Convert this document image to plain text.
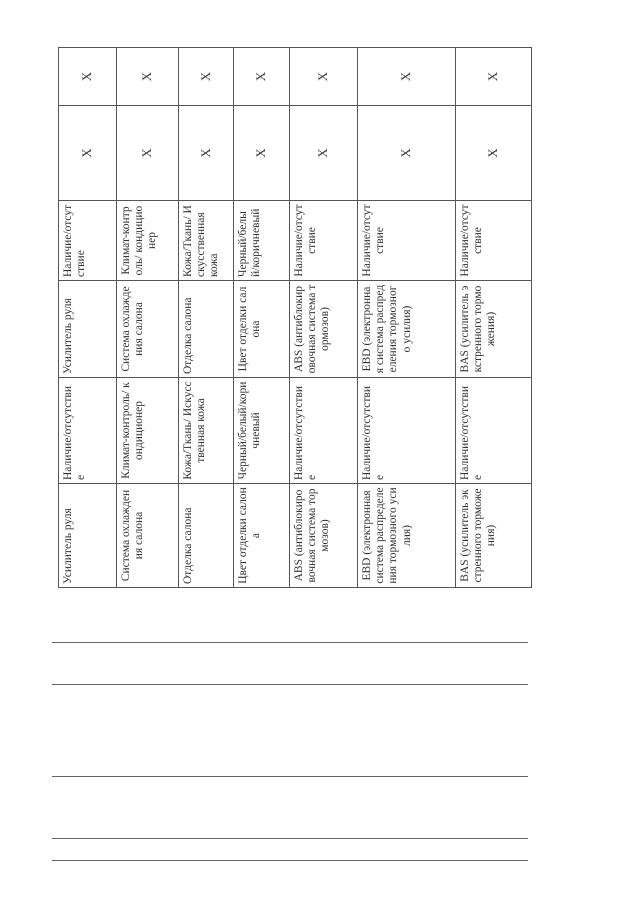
Усилитель руля	Наличие/отсутствие	Усилитель руля	Наличие/отсутствие	X	X
Система охлаждения салона	Климат-контроль/ кондиционер	Система охлаждения салона	Климат-контроль/ кондиционер	X	X
Отделка салона	Кожа/Ткань/ Искусственная кожа	Отделка салона	Кожа/Ткань/ Искусственная кожа	X	X
Цвет отделки салона	Черный/белый/коричневый	Цвет отделки салона	Черный/белый/коричневый	X	X
ABS (антиблокировочная система тормозов)	Наличие/отсутствие	ABS (антиблокировочная система тормозов)	Наличие/отсутствие	X	X
EBD (электронная система распределения тормозного усилия)	Наличие/отсутствие	EBD (электронная система распределения тормозного усилия)	Наличие/отсутствие	X	X
BAS (усилитель экстренного торможения)	Наличие/отсутствие	BAS (усилитель экстренного торможения)	Наличие/отсутствие	X	X
